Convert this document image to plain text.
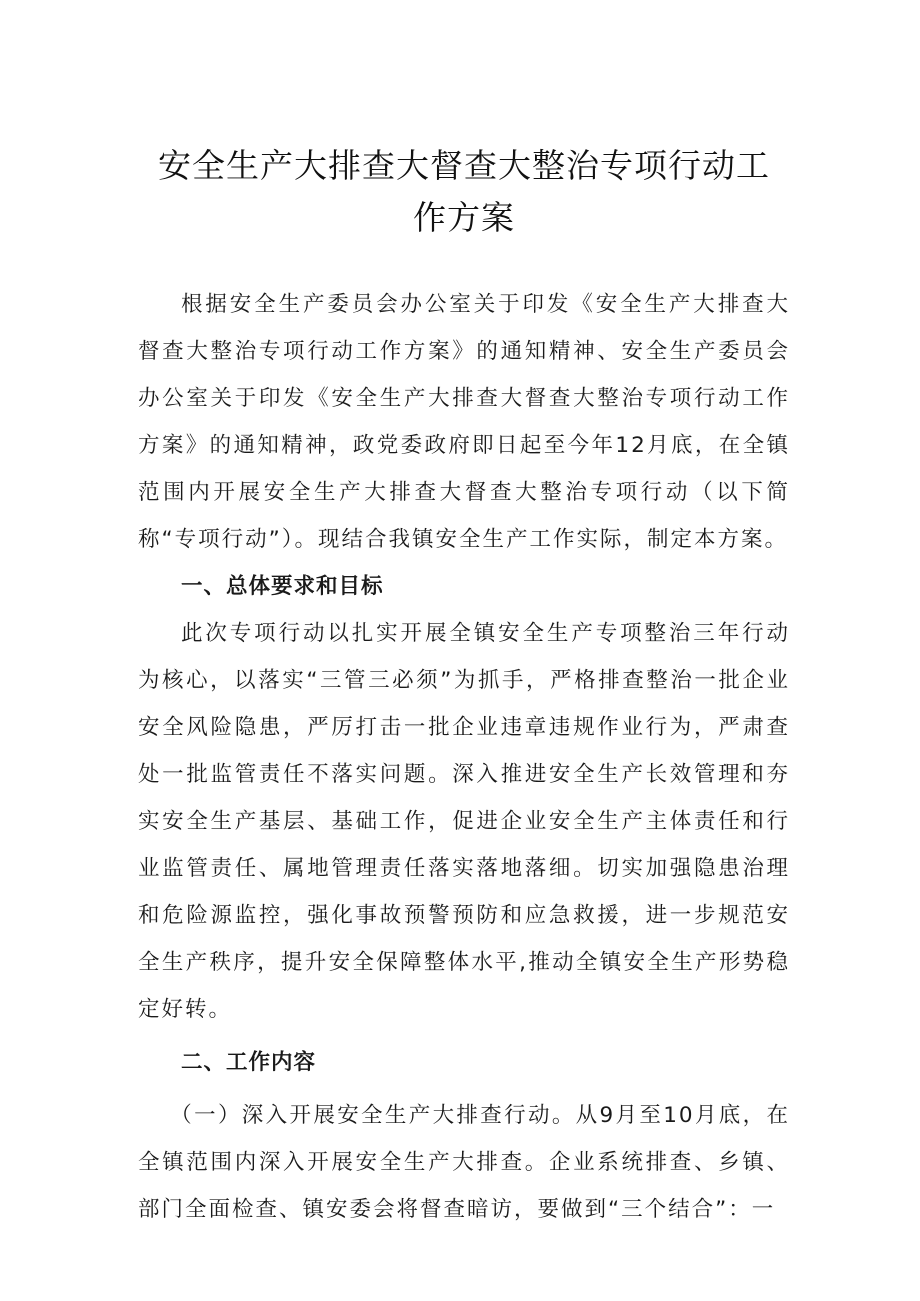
安全生产大排查大督查大整治专项行动工
作方案

根据安全生产委员会办公室关于印发《安全生产大排查大督查大整治专项行动工作方案》的通知精神、安全生产委员会办公室关于印发《安全生产大排查大督查大整治专项行动工作方案》的通知精神，政党委政府即日起至今年12月底，在全镇范围内开展安全生产大排查大督查大整治专项行动（以下简称“专项行动”）。现结合我镇安全生产工作实际，制定本方案。

一、总体要求和目标

此次专项行动以扎实开展全镇安全生产专项整治三年行动为核心，以落实“三管三必须”为抓手，严格排查整治一批企业安全风险隐患，严厉打击一批企业违章违规作业行为，严肃查处一批监管责任不落实问题。深入推进安全生产长效管理和夯实安全生产基层、基础工作，促进企业安全生产主体责任和行业监管责任、属地管理责任落实落地落细。切实加强隐患治理和危险源监控，强化事故预警预防和应急救援，进一步规范安全生产秩序，提升安全保障整体水平,推动全镇安全生产形势稳定好转。

二、工作内容

（一）深入开展安全生产大排查行动。从9月至10月底，在全镇范围内深入开展安全生产大排查。企业系统排查、乡镇、部门全面检查、镇安委会将督查暗访，要做到“三个结合”：一
